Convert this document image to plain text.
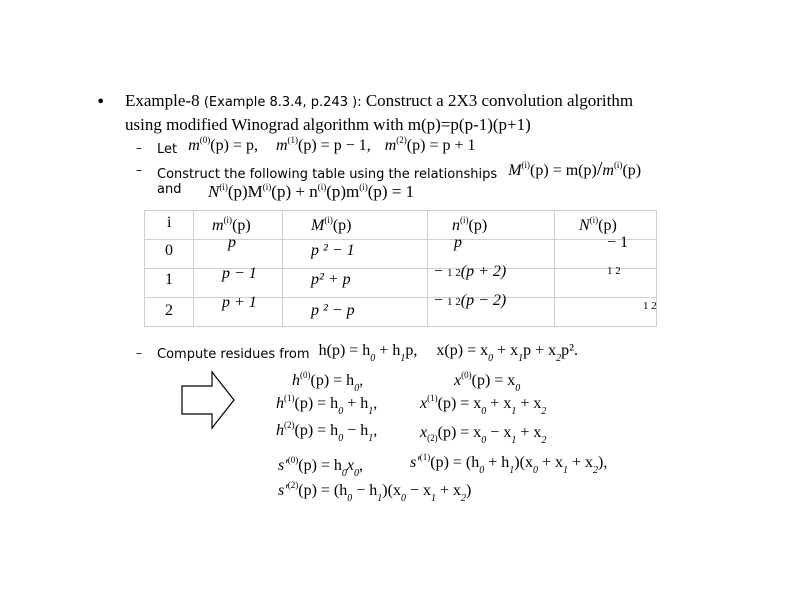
• Example-8 (Example 8.3.4, p.243 ): Construct a 2X3 convolution algorithm
using modified Winograd algorithm with m(p)=p(p-1)(p+1)
– Let $m^{(0)}(p) = p$, $m^{(1)}(p) = p - 1$, $m^{(2)}(p) = p + 1$
– Construct the following table using the relationships $M^{(i)}(p) = m(p)/m^{(i)}(p)$
and $N^{(i)}(p)M^{(i)}(p) + n^{(i)}(p)m^{(i)}(p) = 1$
i	$m^{(i)}(p)$	$M^{(i)}(p)$	$n^{(i)}(p)$	$N^{(i)}(p)$

0	p	p ² − 1	p	− 1

1	p − 1	p² + p	− 1 2(p + 2)	1 2

2	p + 1	p ² − p	− 1 2(p − 2)	1 2
– Compute residues from $h(p) = h_0 + h_1p$, $x(p) = x_0 + x_1p + x_2p^2$.
$h^{(0)}(p) = h_0$,	$x^{(0)}(p) = x_0$
$h^{(1)}(p) = h_0 + h_1$,	$x^{(1)}(p) = x_0 + x_1 + x_2$
$h^{(2)}(p) = h_0 - h_1$,	$x_{(2)}(p) = x_0 - x_1 + x_2$
$s'^{(0)}(p) = h_0x_0$,	$s'^{(1)}(p) = (h_0 + h_1)(x_0 + x_1 + x_2)$,
$s'^{(2)}(p) = (h_0 - h_1)(x_0 - x_1 + x_2)$
